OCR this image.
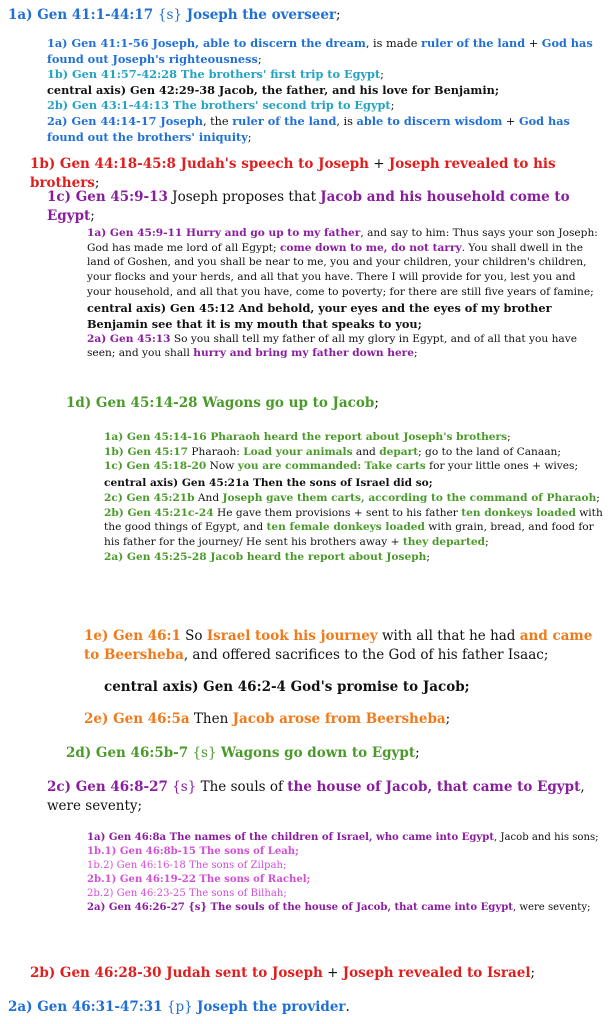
1a) Gen 41:1-44:17 {s} Joseph the overseer;

1a) Gen 41:1-56 Joseph, able to discern the dream, is made ruler of the land + God has found out Joseph's righteousness;
1b) Gen 41:57-42:28 The brothers' first trip to Egypt;
central axis) Gen 42:29-38 Jacob, the father, and his love for Benjamin;
2b) Gen 43:1-44:13 The brothers' second trip to Egypt;
2a) Gen 44:14-17 Joseph, the ruler of the land, is able to discern wisdom + God has found out the brothers' iniquity;

1b) Gen 44:18-45:8 Judah's speech to Joseph + Joseph revealed to his brothers;

1c) Gen 45:9-13 Joseph proposes that Jacob and his household come to Egypt;

1a) Gen 45:9-11 Hurry and go up to my father, and say to him: Thus says your son Joseph: God has made me lord of all Egypt; come down to me, do not tarry. You shall dwell in the land of Goshen, and you shall be near to me, you and your children, your children's children, your flocks and your herds, and all that you have. There I will provide for you, lest you and your household, and all that you have, come to poverty; for there are still five years of famine;
central axis) Gen 45:12 And behold, your eyes and the eyes of my brother Benjamin see that it is my mouth that speaks to you;
2a) Gen 45:13 So you shall tell my father of all my glory in Egypt, and of all that you have seen; and you shall hurry and bring my father down here;

1d) Gen 45:14-28 Wagons go up to Jacob;

1a) Gen 45:14-16 Pharaoh heard the report about Joseph's brothers;
1b) Gen 45:17 Pharaoh: Load your animals and depart; go to the land of Canaan;
1c) Gen 45:18-20 Now you are commanded: Take carts for your little ones + wives;
central axis) Gen 45:21a Then the sons of Israel did so;
2c) Gen 45:21b And Joseph gave them carts, according to the command of Pharaoh;
2b) Gen 45:21c-24 He gave them provisions + sent to his father ten donkeys loaded with the good things of Egypt, and ten female donkeys loaded with grain, bread, and food for his father for the journey/ He sent his brothers away + they departed;
2a) Gen 45:25-28 Jacob heard the report about Joseph;

1e) Gen 46:1 So Israel took his journey with all that he had and came to Beersheba, and offered sacrifices to the God of his father Isaac;

central axis) Gen 46:2-4 God's promise to Jacob;

2e) Gen 46:5a Then Jacob arose from Beersheba;

2d) Gen 46:5b-7 {s} Wagons go down to Egypt;

2c) Gen 46:8-27 {s} The souls of the house of Jacob, that came to Egypt, were seventy;

1a) Gen 46:8a The names of the children of Israel, who came into Egypt, Jacob and his sons;
1b.1) Gen 46:8b-15 The sons of Leah;
1b.2) Gen 46:16-18 The sons of Zilpah;
2b.1) Gen 46:19-22 The sons of Rachel;
2b.2) Gen 46:23-25 The sons of Bilhah;
2a) Gen 46:26-27 {s} The souls of the house of Jacob, that came into Egypt, were seventy;

2b) Gen 46:28-30 Judah sent to Joseph + Joseph revealed to Israel;

2a) Gen 46:31-47:31 {p} Joseph the provider.
